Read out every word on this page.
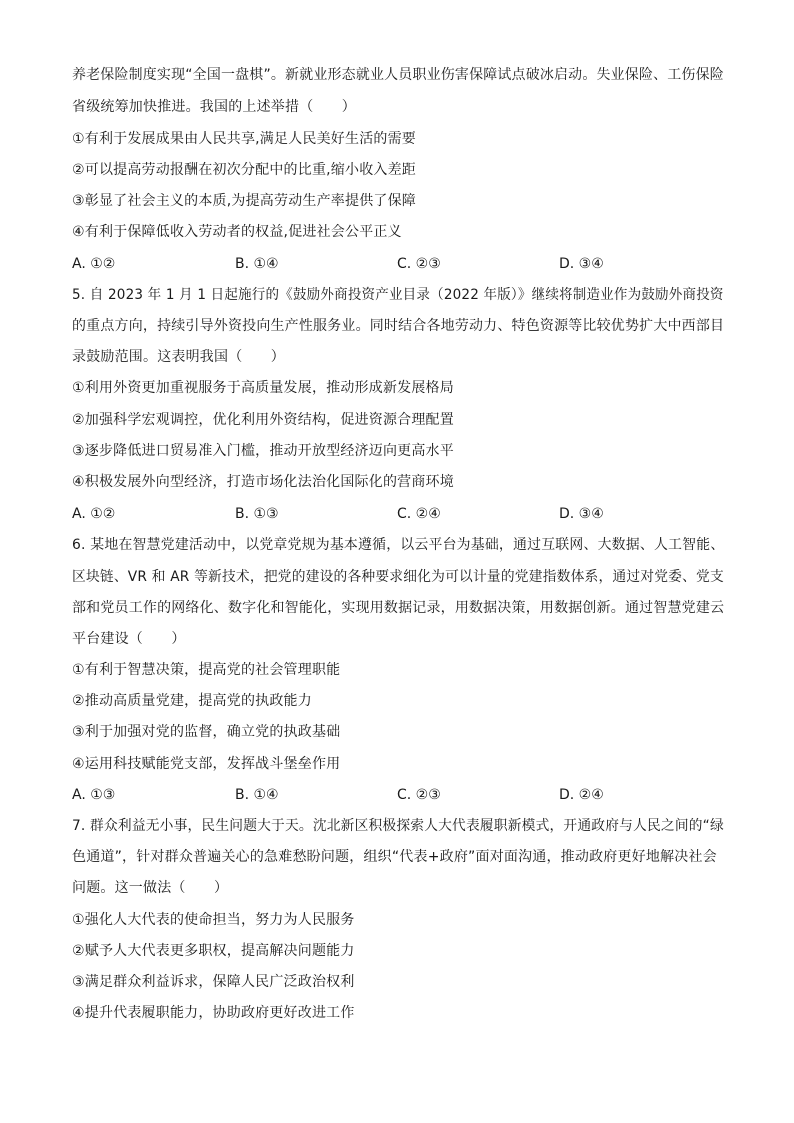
养老保险制度实现“全国一盘棋”。新就业形态就业人员职业伤害保障试点破冰启动。失业保险、工伤保险
省级统筹加快推进。我国的上述举措（　　）
①有利于发展成果由人民共享,满足人民美好生活的需要
②可以提高劳动报酬在初次分配中的比重,缩小收入差距
③彰显了社会主义的本质,为提高劳动生产率提供了保障
④有利于保障低收入劳动者的权益,促进社会公平正义
A. ①②	B. ①④	C. ②③	D. ③④
5. 自 2023 年 1 月 1 日起施行的《鼓励外商投资产业目录（2022 年版）》继续将制造业作为鼓励外商投资
的重点方向，持续引导外资投向生产性服务业。同时结合各地劳动力、特色资源等比较优势扩大中西部目
录鼓励范围。这表明我国（　　）
①利用外资更加重视服务于高质量发展，推动形成新发展格局
②加强科学宏观调控，优化利用外资结构，促进资源合理配置
③逐步降低进口贸易准入门槛，推动开放型经济迈向更高水平
④积极发展外向型经济，打造市场化法治化国际化的营商环境
A. ①②	B. ①③	C. ②④	D. ③④
6. 某地在智慧党建活动中，以党章党规为基本遵循，以云平台为基础，通过互联网、大数据、人工智能、
区块链、VR 和 AR 等新技术，把党的建设的各种要求细化为可以计量的党建指数体系，通过对党委、党支
部和党员工作的网络化、数字化和智能化，实现用数据记录，用数据决策，用数据创新。通过智慧党建云
平台建设（　　）
①有利于智慧决策，提高党的社会管理职能
②推动高质量党建，提高党的执政能力
③利于加强对党的监督，确立党的执政基础
④运用科技赋能党支部，发挥战斗堡垒作用
A. ①③	B. ①④	C. ②③	D. ②④
7. 群众利益无小事，民生问题大于天。沈北新区积极探索人大代表履职新模式，开通政府与人民之间的“绿
色通道”，针对群众普遍关心的急难愁盼问题，组织“代表+政府”面对面沟通，推动政府更好地解决社会
问题。这一做法（　　）
①强化人大代表的使命担当，努力为人民服务
②赋予人大代表更多职权，提高解决问题能力
③满足群众利益诉求，保障人民广泛政治权利
④提升代表履职能力，协助政府更好改进工作
